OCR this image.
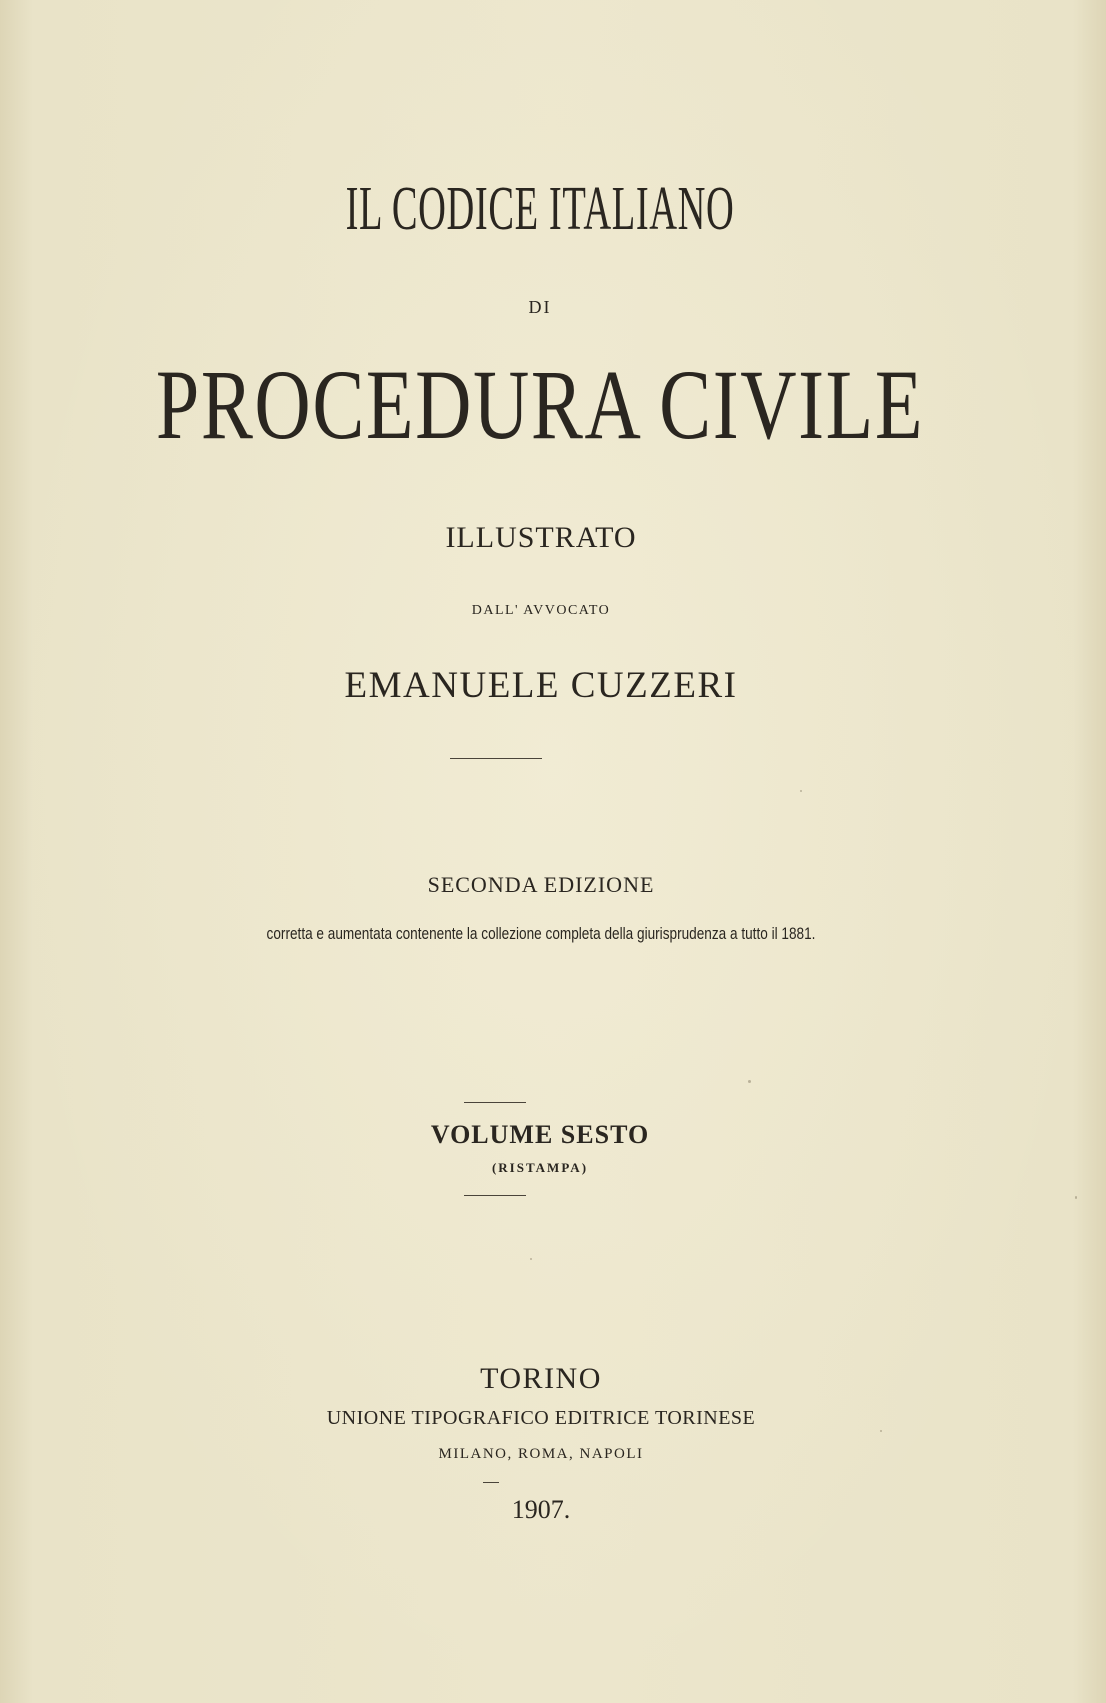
IL CODICE ITALIANO

DI

PROCEDURA CIVILE

ILLUSTRATO

DALL' AVVOCATO

EMANUELE CUZZERI

SECONDA EDIZIONE

corretta e aumentata contenente la collezione completa della giurisprudenza a tutto il 1881.

VOLUME SESTO

(RISTAMPA)

TORINO

UNIONE TIPOGRAFICO EDITRICE TORINESE

MILANO, ROMA, NAPOLI

1907.
